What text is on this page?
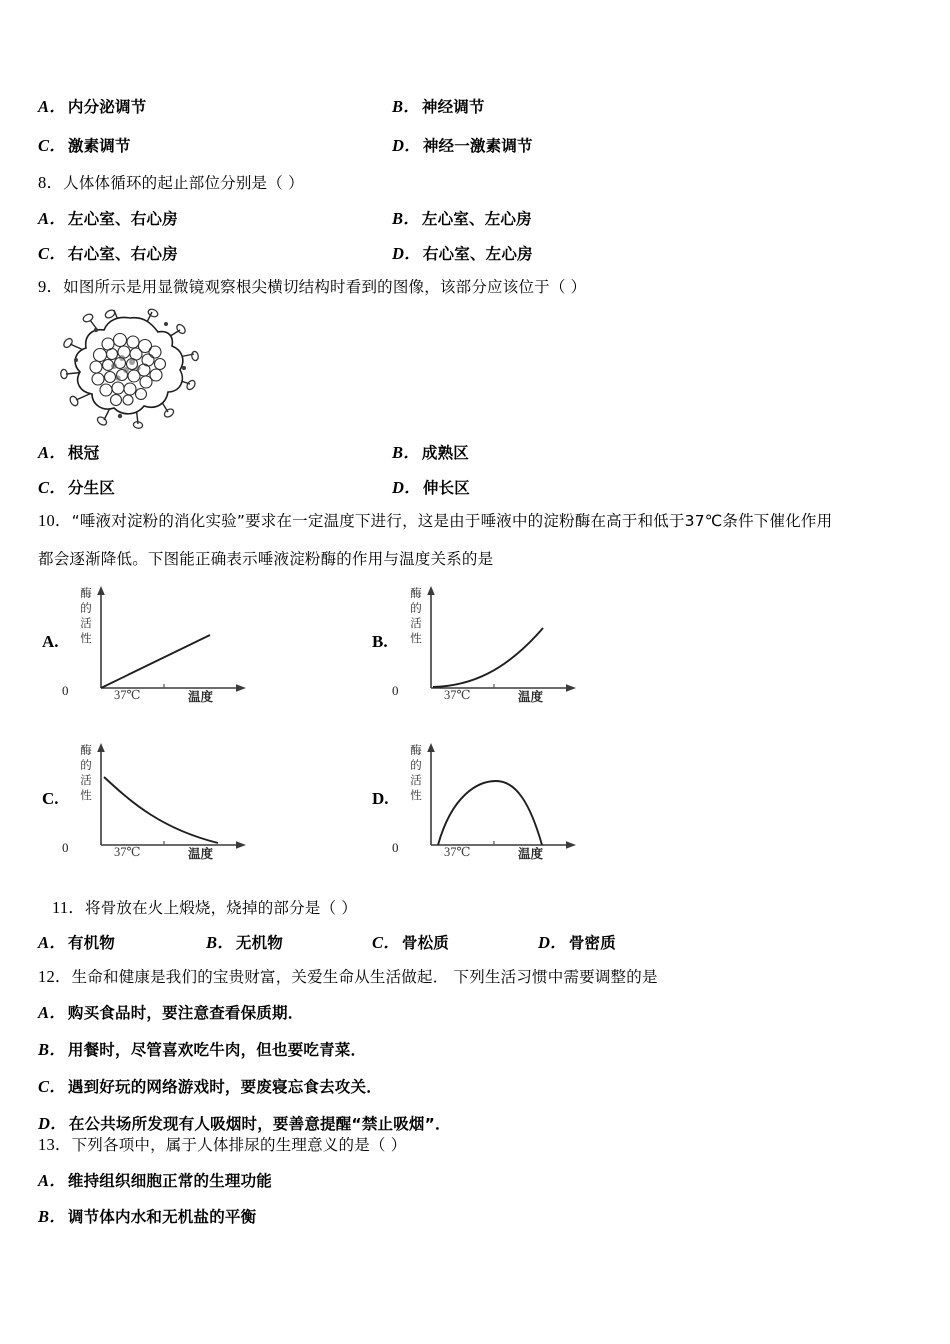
A． 内分泌调节	B． 神经调节
C． 激素调节	D． 神经一激素调节
8．人体体循环的起止部位分别是（ ）
A． 左心室、右心房	B． 左心室、左心房
C． 右心室、右心房	D． 右心室、左心房
9．如图所示是用显微镜观察根尖横切结构时看到的图像，该部分应该位于（ ）
A． 根冠	B． 成熟区
C． 分生区	D． 伸长区
10．“唾液对淀粉的消化实验”要求在一定温度下进行，这是由于唾液中的淀粉酶在高于和低于37℃条件下催化作用
都会逐渐降低。下图能正确表示唾液淀粉酶的作用与温度关系的是
A.
酶
的
活
性
0	37℃	温度
B.
酶
的
活
性
0	37℃	温度
C.
酶
的
活
性
0	37℃	温度
D.
酶
的
活
性
0	37℃	温度
11．将骨放在火上煅烧，烧掉的部分是（ ）
A． 有机物	B． 无机物	C． 骨松质	D． 骨密质
12．生命和健康是我们的宝贵财富，关爱生命从生活做起． 下列生活习惯中需要调整的是
A． 购买食品时，要注意查看保质期．
B． 用餐时，尽管喜欢吃牛肉，但也要吃青菜．
C． 遇到好玩的网络游戏时，要废寝忘食去攻关．
D． 在公共场所发现有人吸烟时，要善意提醒“禁止吸烟”．
13．下列各项中，属于人体排尿的生理意义的是（ ）
A． 维持组织细胞正常的生理功能
B． 调节体内水和无机盐的平衡
